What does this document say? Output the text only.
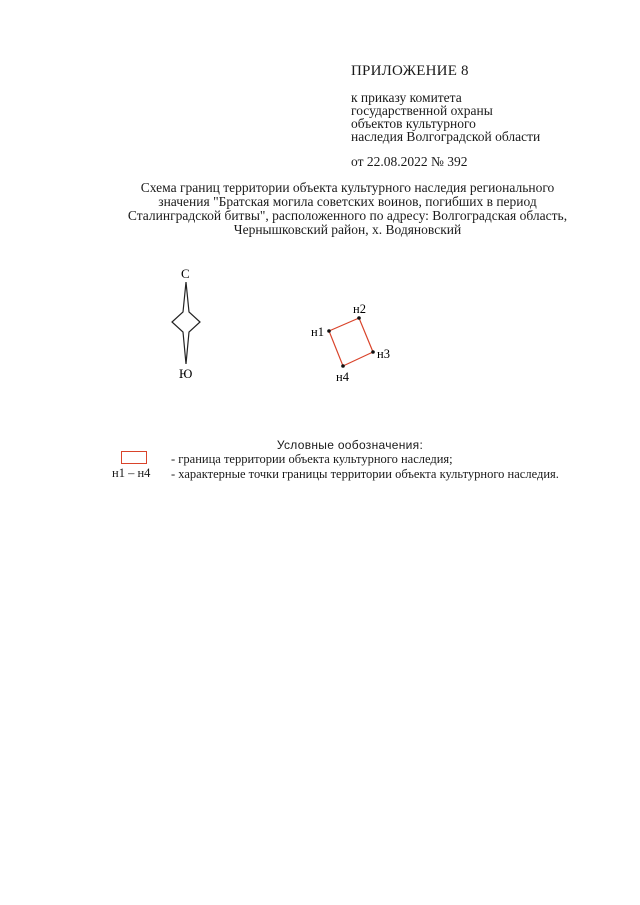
ПРИЛОЖЕНИЕ 8
к приказу комитета
государственной охраны
объектов культурного
наследия Волгоградской области
от 22.08.2022 № 392
Схема границ территории объекта культурного наследия регионального
значения "Братская могила советских воинов, погибших в период
Сталинградской битвы", расположенного по адресу: Волгоградская область,
Чернышковский район, х. Водяновский
С
Ю
н1
н2
н3
н4
Условные ообозначения:
- граница территории объекта культурного наследия;
н1 – н4 - характерные точки границы территории объекта культурного наследия.
